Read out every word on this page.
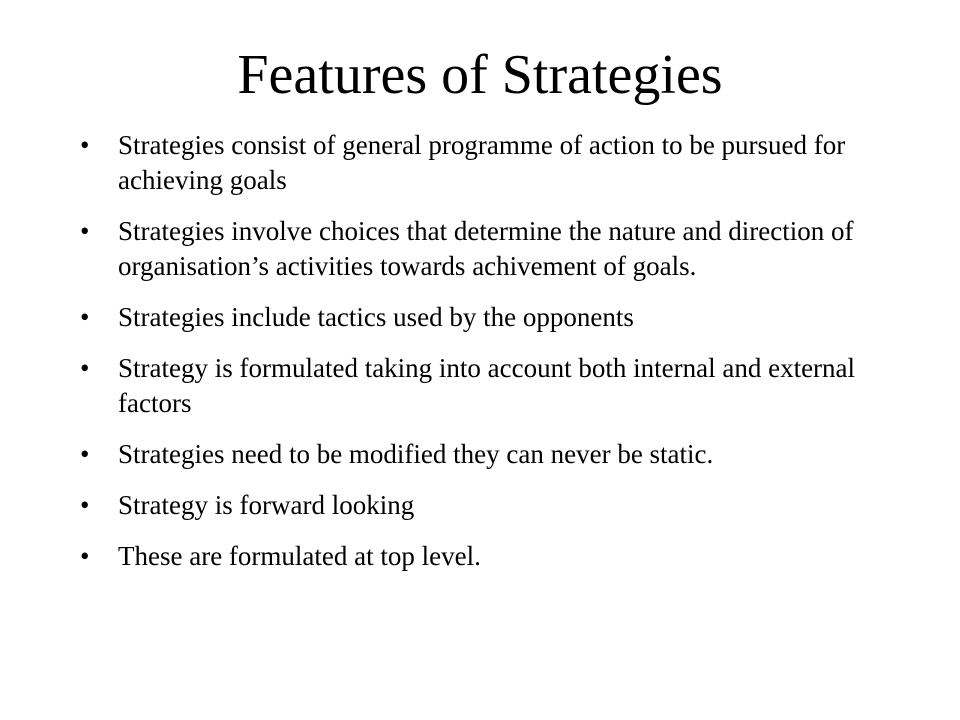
Features of Strategies
•	Strategies consist of general programme of action to be pursued for achieving goals
•	Strategies involve choices that determine the nature and direction of organisation’s activities towards achivement of goals.
•	Strategies include tactics used by the opponents
•	Strategy is formulated taking into account both internal and external factors
•	Strategies need to be modified they can never be static.
•	Strategy is forward looking
•	These are formulated at top level.
